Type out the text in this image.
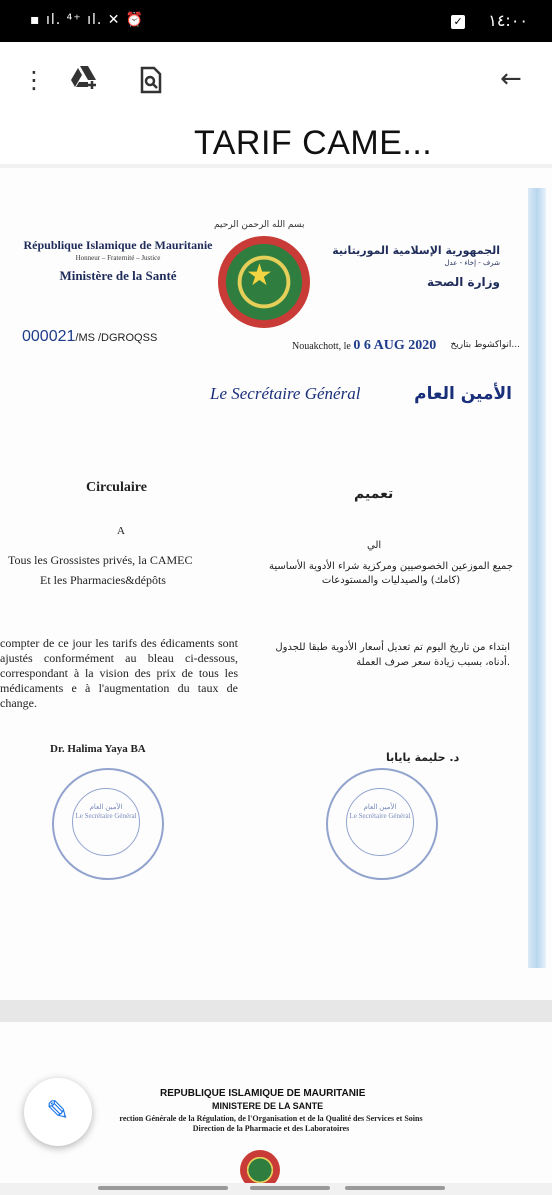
▪ ıl. ⁴⁺ ıl. ✕ ⏰	✓ ١٤:٠٠
⋮	←
TARIF CAME...
République Islamique de Mauritanie
Honneur – Fraternité – Justice
Ministère de la Santé
بسم الله الرحمن الرحيم
★
الجمهورية الإسلامية الموريتانية
شرف - إخاء - عدل
وزارة الصحة
000021/MS /DGROQSS
Nouakchott, le 0 6 AUG 2020 انواكشوط بتاريخ...
Le Secrétaire Général	الأمين العام
Circulaire	تعميم
A
الي
Tous les Grossistes privés, la CAMEC
Et les Pharmacies&dépôts
جميع الموزعين الخصوصيين ومركزية شراء الأدوية الأساسية (كامك) والصيدليات والمستودعات
compter de ce jour les tarifs des édicaments sont ajustés conformément au bleau ci-dessous, correspondant à la vision des prix de tous les médicaments e à l'augmentation du taux de change.
ابتداء من تاريخ اليوم تم تعديل أسعار الأدوية طبقا للجدول أدناه، بسبب زيادة سعر صرف العملة.
Dr. Halima Yaya BA
د. حليمة يايابا
الأمين العام
Le Secrétaire Général
الأمين العام
Le Secrétaire Général
REPUBLIQUE ISLAMIQUE DE MAURITANIE
MINISTERE DE LA SANTE
rection Générale de la Régulation, de l'Organisation et de la Qualité des Services et Soins
Direction de la Pharmacie et des Laboratoires
✎
